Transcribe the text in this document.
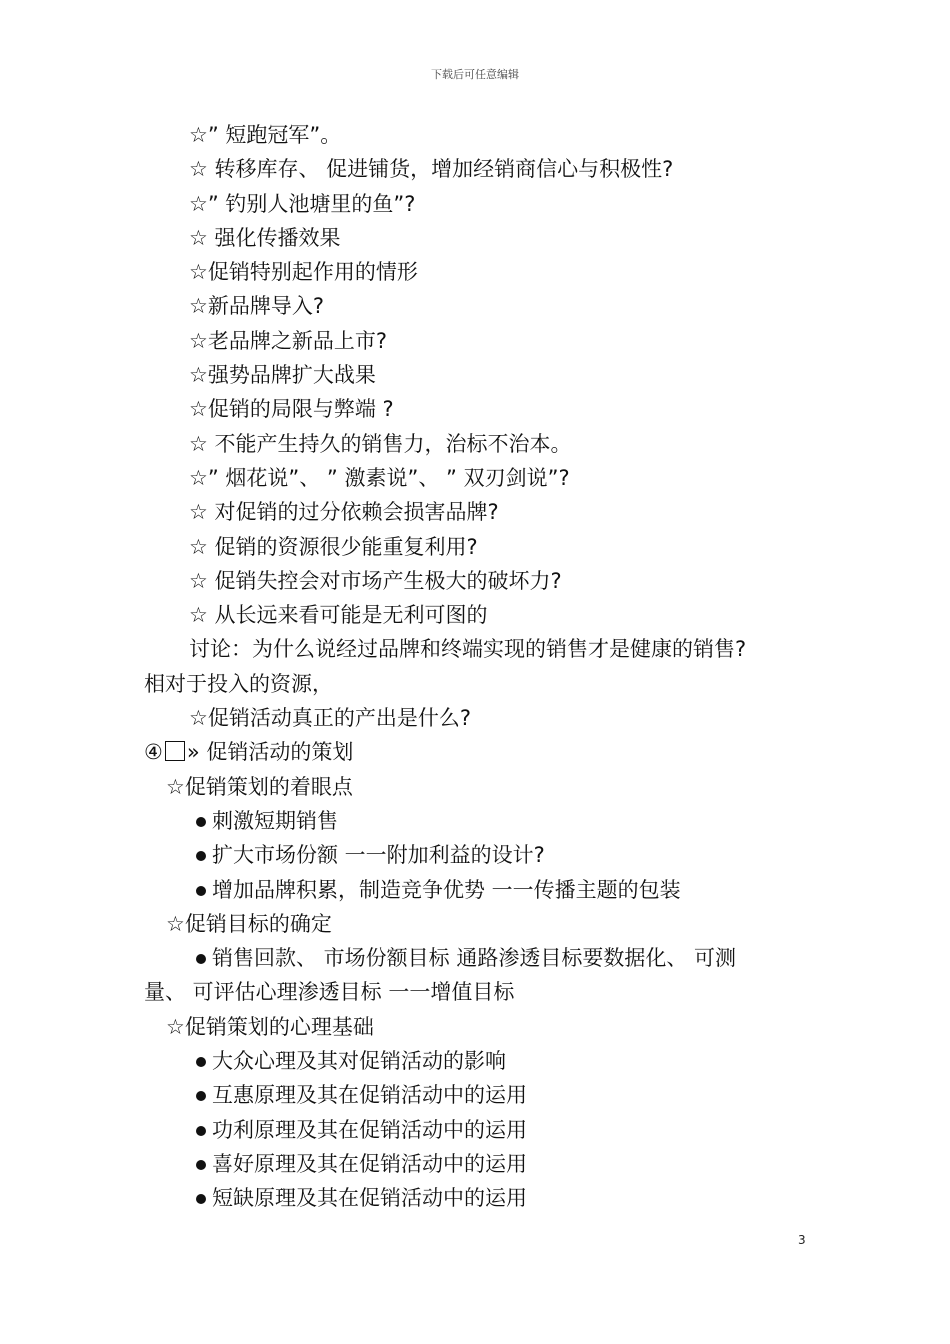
下载后可任意编辑
☆” 短跑冠军”。
☆ 转移库存、 促进铺货，增加经销商信心与积极性?
☆” 钓别人池塘里的鱼”?
☆ 强化传播效果
☆促销特别起作用的情形
☆新品牌导入?
☆老品牌之新品上市?
☆强势品牌扩大战果
☆促销的局限与弊端 ?
☆ 不能产生持久的销售力，治标不治本。
☆” 烟花说”、 ” 激素说”、 ” 双刃剑说”?
☆ 对促销的过分依赖会损害品牌?
☆ 促销的资源很少能重复利用?
☆ 促销失控会对市场产生极大的破坏力?
☆ 从长远来看可能是无利可图的
讨论：为什么说经过品牌和终端实现的销售才是健康的销售?
相对于投入的资源，
☆促销活动真正的产出是什么?
④ » 促销活动的策划
☆促销策划的着眼点
刺激短期销售
扩大市场份额 一一附加利益的设计?
增加品牌积累，制造竞争优势 一一传播主题的包装
☆促销目标的确定
销售回款、 市场份额目标 通路渗透目标要数据化、 可测
量、 可评估心理渗透目标 一一增值目标
☆促销策划的心理基础
大众心理及其对促销活动的影响
互惠原理及其在促销活动中的运用
功利原理及其在促销活动中的运用
喜好原理及其在促销活动中的运用
短缺原理及其在促销活动中的运用
3
